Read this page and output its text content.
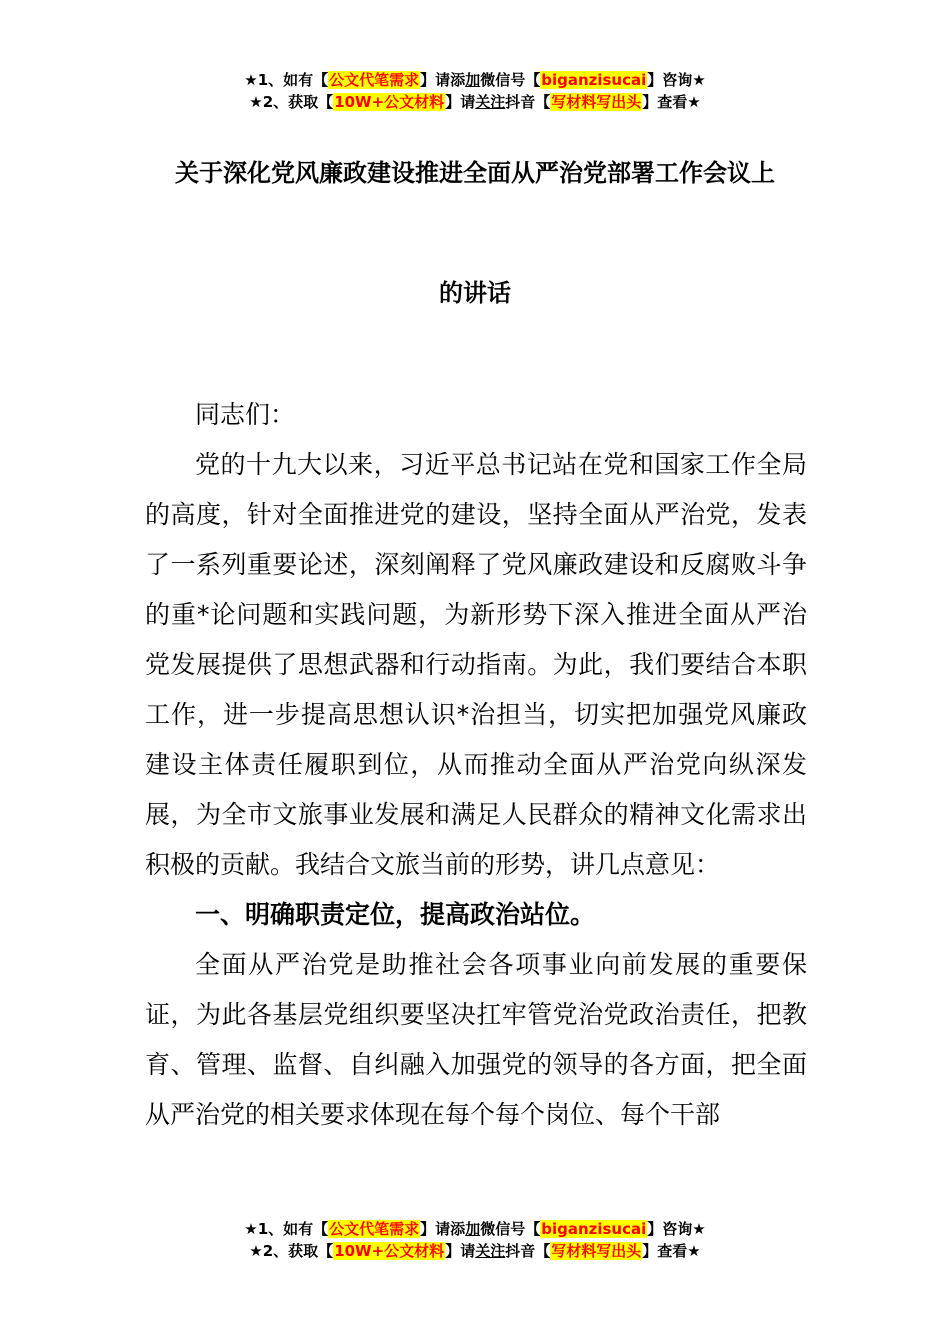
★1、如有【公文代笔需求】请添加微信号【biganzisucai】咨询★
★2、获取【10W+公文材料】请关注抖音【写材料写出头】查看★
关于深化党风廉政建设推进全面从严治党部署工作会议上
的讲话

同志们：

党的十九大以来，习近平总书记站在党和国家工作全局的高度，针对全面推进党的建设，坚持全面从严治党，发表了一系列重要论述，深刻阐释了党风廉政建设和反腐败斗争的重*论问题和实践问题，为新形势下深入推进全面从严治党发展提供了思想武器和行动指南。为此，我们要结合本职工作，进一步提高思想认识*治担当，切实把加强党风廉政建设主体责任履职到位，从而推动全面从严治党向纵深发展，为全市文旅事业发展和满足人民群众的精神文化需求出积极的贡献。我结合文旅当前的形势，讲几点意见：

一、明确职责定位，提高政治站位。

全面从严治党是助推社会各项事业向前发展的重要保证，为此各基层党组织要坚决扛牢管党治党政治责任，把教育、管理、监督、自纠融入加强党的领导的各方面，把全面从严治党的相关要求体现在每个每个岗位、每个干部

★1、如有【公文代笔需求】请添加微信号【biganzisucai】咨询★
★2、获取【10W+公文材料】请关注抖音【写材料写出头】查看★
